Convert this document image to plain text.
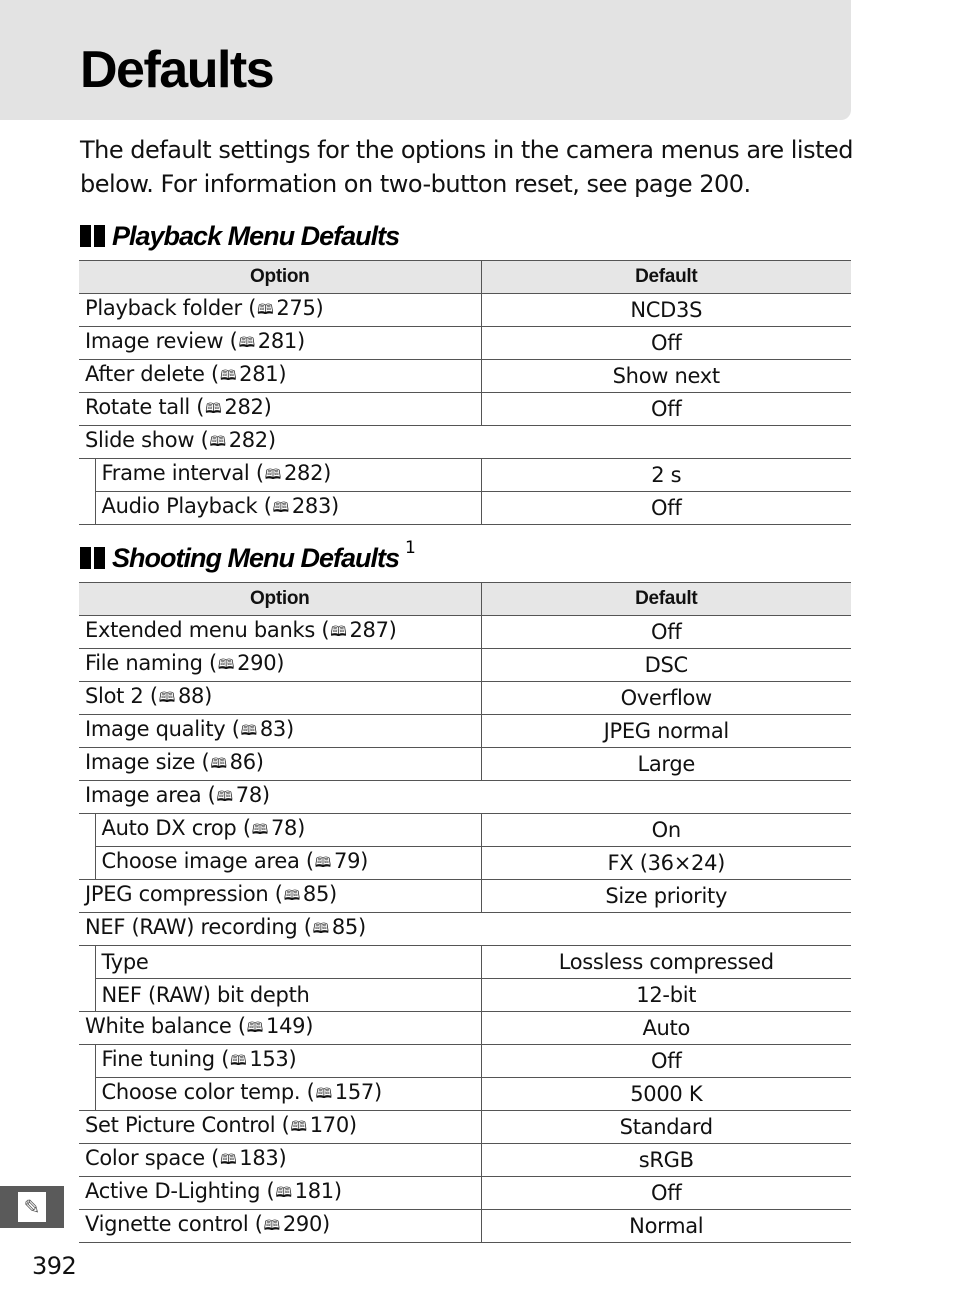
Defaults

The default settings for the options in the camera menus are listed below. For information on two-button reset, see page 200.

Playback Menu Defaults
Option		Default
Playback folder (🕮 275)		NCD3S
Image review (🕮 281)		Off
After delete (🕮 281)		Show next
Rotate tall (🕮 282)		Off
Slide show (🕮 282)		
	Frame interval (🕮 282)	2 s
	Audio Playback (🕮 283)	Off
Shooting Menu Defaults 1
Option		Default
Extended menu banks (🕮 287)		Off
File naming (🕮 290)		DSC
Slot 2 (🕮 88)		Overflow
Image quality (🕮 83)		JPEG normal
Image size (🕮 86)		Large
Image area (🕮 78)		
	Auto DX crop (🕮 78)	On
	Choose image area (🕮 79)	FX (36×24)
JPEG compression (🕮 85)		Size priority
NEF (RAW) recording (🕮 85)		
	Type	Lossless compressed
	NEF (RAW) bit depth	12-bit
White balance (🕮 149)		Auto
	Fine tuning (🕮 153)	Off
	Choose color temp. (🕮 157)	5000 K
Set Picture Control (🕮 170)		Standard
Color space (🕮 183)		sRGB
Active D-Lighting (🕮 181)		Off
Vignette control (🕮 290)		Normal
✎

392
